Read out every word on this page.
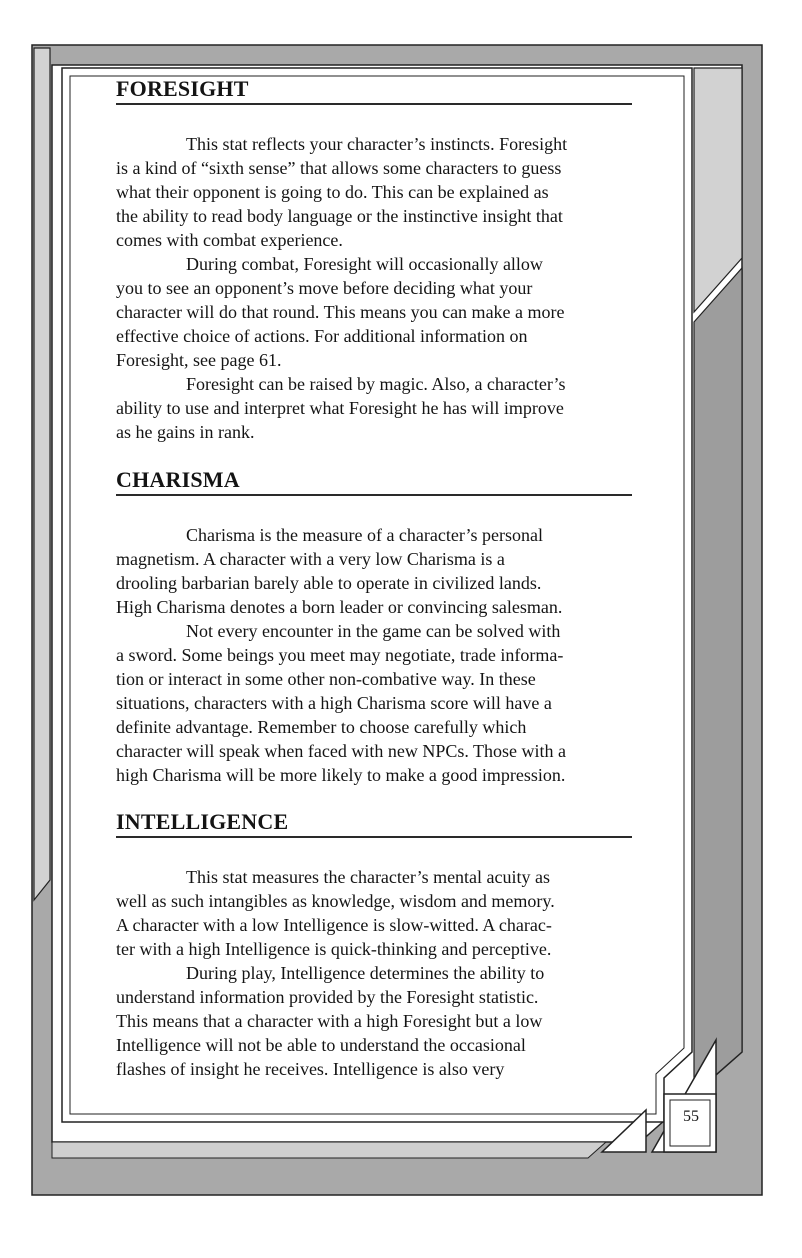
FORESIGHT

This stat reflects your character’s instincts. Foresight
is a kind of “sixth sense” that allows some characters to guess
what their opponent is going to do. This can be explained as
the ability to read body language or the instinctive insight that
comes with combat experience.

During combat, Foresight will occasionally allow
you to see an opponent’s move before deciding what your
character will do that round. This means you can make a more
effective choice of actions. For additional information on
Foresight, see page 61.

Foresight can be raised by magic. Also, a character’s
ability to use and interpret what Foresight he has will improve
as he gains in rank.

CHARISMA

Charisma is the measure of a character’s personal
magnetism. A character with a very low Charisma is a
drooling barbarian barely able to operate in civilized lands.
High Charisma denotes a born leader or convincing salesman.

Not every encounter in the game can be solved with
a sword. Some beings you meet may negotiate, trade informa-
tion or interact in some other non-combative way. In these
situations, characters with a high Charisma score will have a
definite advantage. Remember to choose carefully which
character will speak when faced with new NPCs. Those with a
high Charisma will be more likely to make a good impression.

INTELLIGENCE

This stat measures the character’s mental acuity as
well as such intangibles as knowledge, wisdom and memory.
A character with a low Intelligence is slow-witted. A charac-
ter with a high Intelligence is quick-thinking and perceptive.

During play, Intelligence determines the ability to
understand information provided by the Foresight statistic.
This means that a character with a high Foresight but a low
Intelligence will not be able to understand the occasional
flashes of insight he receives. Intelligence is also very

55
